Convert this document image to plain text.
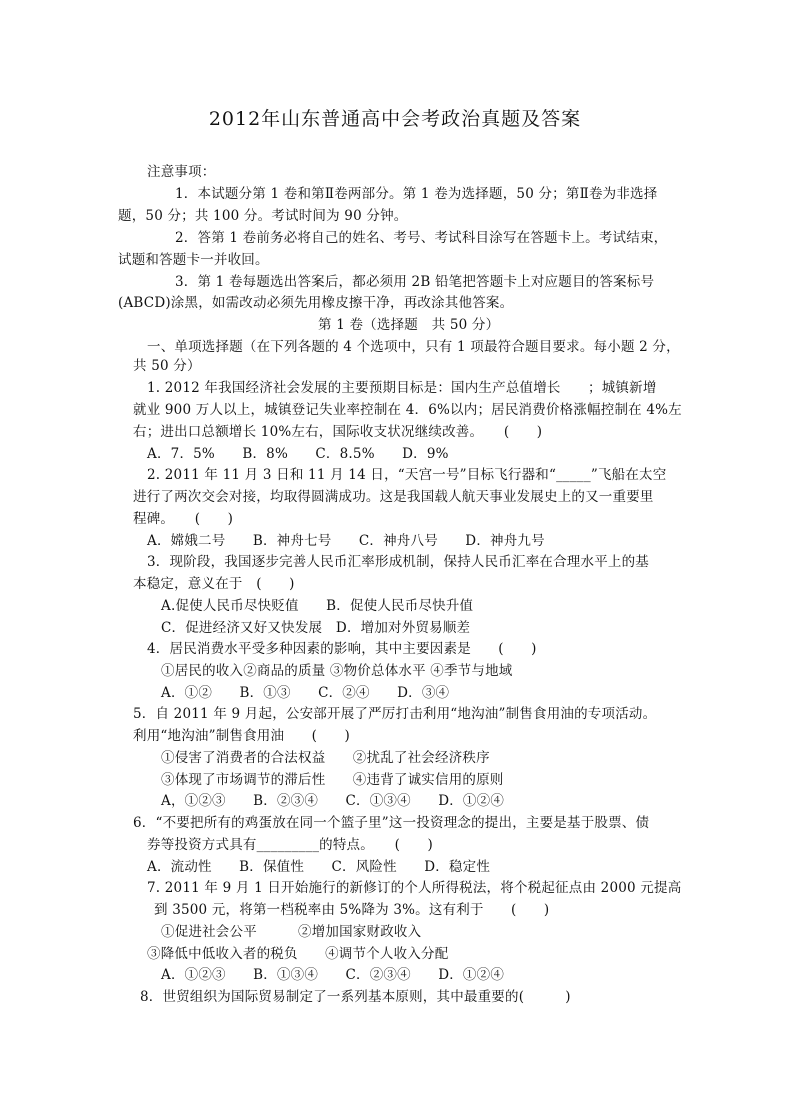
2012年山东普通高中会考政治真题及答案
注意事项：
1．本试题分第 1 卷和第Ⅱ卷两部分。第 1 卷为选择题，50 分；第Ⅱ卷为非选择
题，50 分；共 100 分。考试时间为 90 分钟。
2．答第 1 卷前务必将自己的姓名、考号、考试科目涂写在答题卡上。考试结束，
试题和答题卡一并收回。
3．第 1 卷每题选出答案后，都必须用 2B 铅笔把答题卡上对应题目的答案标号
(ABCD)涂黑，如需改动必须先用橡皮擦干净，再改涂其他答案。
第 1 卷（选择题　共 50 分）
一、单项选择题（在下列各题的 4 个选项中，只有 1 项最符合题目要求。每小题 2 分，
共 50 分）
1. 2012 年我国经济社会发展的主要预期目标是：国内生产总值增长　　；城镇新增
就业 900 万人以上，城镇登记失业率控制在 4．6%以内；居民消费价格涨幅控制在 4%左
右；进出口总额增长 10%左右，国际收支状况继续改善。　　(　　)
A．7．5%　　B．8%　　C．8.5%　　D．9%
2. 2011 年 11 月 3 日和 11 月 14 日，“天宫一号”目标飞行器和“_____”飞船在太空
进行了两次交会对接，均取得圆满成功。这是我国载人航天事业发展史上的又一重要里
程碑。　　(　　)
A．嫦娥二号　　B．神舟七号　　C．神舟八号　　D．神舟九号
3．现阶段，我国逐步完善人民币汇率形成机制，保持人民币汇率在合理水平上的基
本稳定，意义在于　(　　)
A.促使人民币尽快贬值　　B．促使人民币尽快升值
C．促进经济又好又快发展　D．增加对外贸易顺差
4．居民消费水平受多种因素的影响，其中主要因素是　　(　　)
①居民的收入②商品的质量 ③物价总体水平 ④季节与地域
A．①②　　B．①③　　C．②④　　D．③④
5．自 2011 年 9 月起，公安部开展了严厉打击利用“地沟油”制售食用油的专项活动。
利用“地沟油”制售食用油　　(　　)
①侵害了消费者的合法权益　　②扰乱了社会经济秩序
③体现了市场调节的滞后性　　④违背了诚实信用的原则
A，①②③　　B．②③④　　C．①③④　　D．①②④
6．“不要把所有的鸡蛋放在同一个篮子里”这一投资理念的提出，主要是基于股票、债
券等投资方式具有_________的特点。　　(　　)
A．流动性　　B．保值性　　C．风险性　　D．稳定性
7. 2011 年 9 月 1 日开始施行的新修订的个人所得税法，将个税起征点由 2000 元提高
到 3500 元，将第一档税率由 5%降为 3%。这有利于　　(　　)
①促进社会公平　　　②增加国家财政收入
③降低中低收入者的税负　　④调节个人收入分配
A．①②③　　B．①③④　　C．②③④　　D．①②④
8．世贸组织为国际贸易制定了一系列基本原则，其中最重要的(　　　)
